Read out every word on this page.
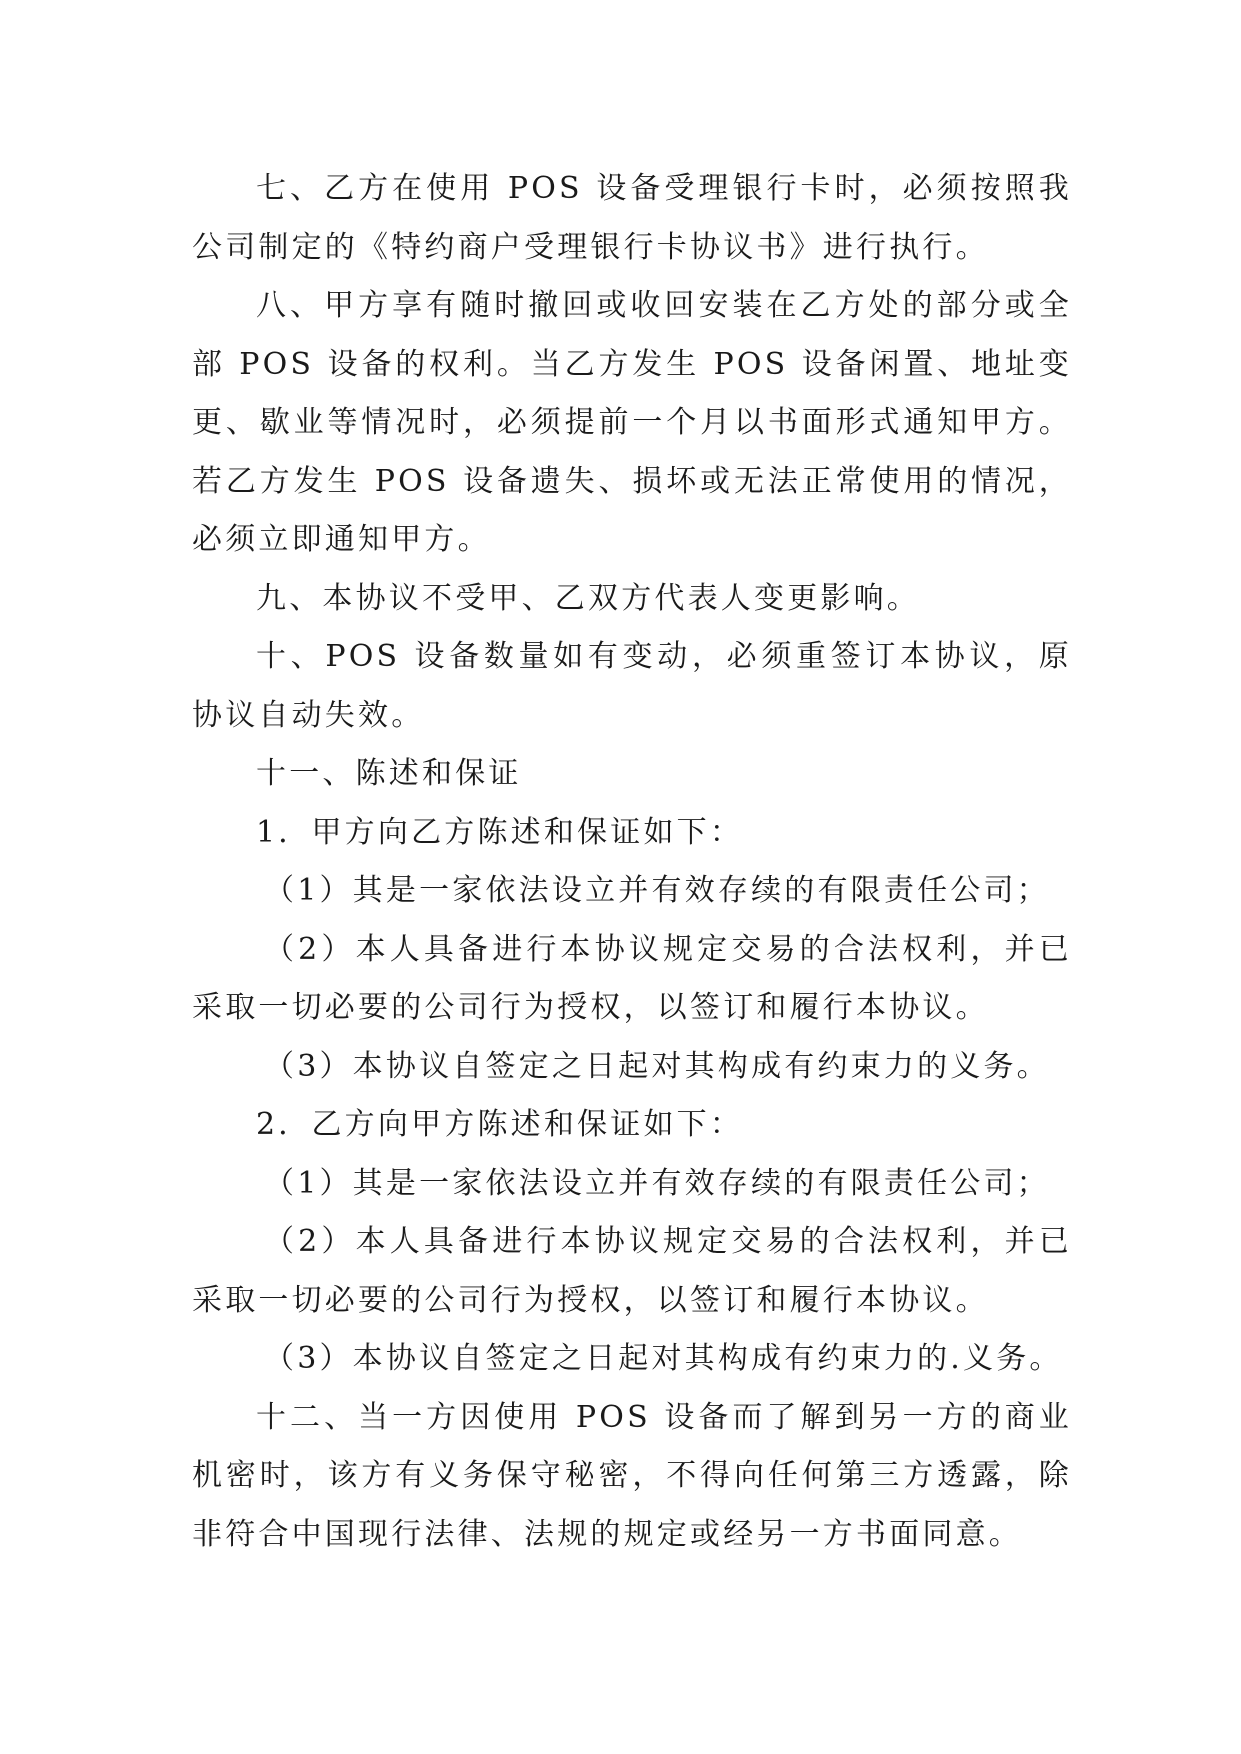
七、乙方在使用 POS 设备受理银行卡时，必须按照我公司制定的《特约商户受理银行卡协议书》进行执行。

八、甲方享有随时撤回或收回安装在乙方处的部分或全部 POS 设备的权利。当乙方发生 POS 设备闲置、地址变更、歇业等情况时，必须提前一个月以书面形式通知甲方。若乙方发生 POS 设备遗失、损坏或无法正常使用的情况，必须立即通知甲方。

九、本协议不受甲、乙双方代表人变更影响。

十、POS 设备数量如有变动，必须重签订本协议，原协议自动失效。

十一、陈述和保证

1．甲方向乙方陈述和保证如下：

（1）其是一家依法设立并有效存续的有限责任公司；

（2）本人具备进行本协议规定交易的合法权利，并已采取一切必要的公司行为授权，以签订和履行本协议。

（3）本协议自签定之日起对其构成有约束力的义务。

2．乙方向甲方陈述和保证如下：

（1）其是一家依法设立并有效存续的有限责任公司；

（2）本人具备进行本协议规定交易的合法权利，并已采取一切必要的公司行为授权，以签订和履行本协议。

（3）本协议自签定之日起对其构成有约束力的.义务。

十二、当一方因使用 POS 设备而了解到另一方的商业机密时，该方有义务保守秘密，不得向任何第三方透露，除非符合中国现行法律、法规的规定或经另一方书面同意。
